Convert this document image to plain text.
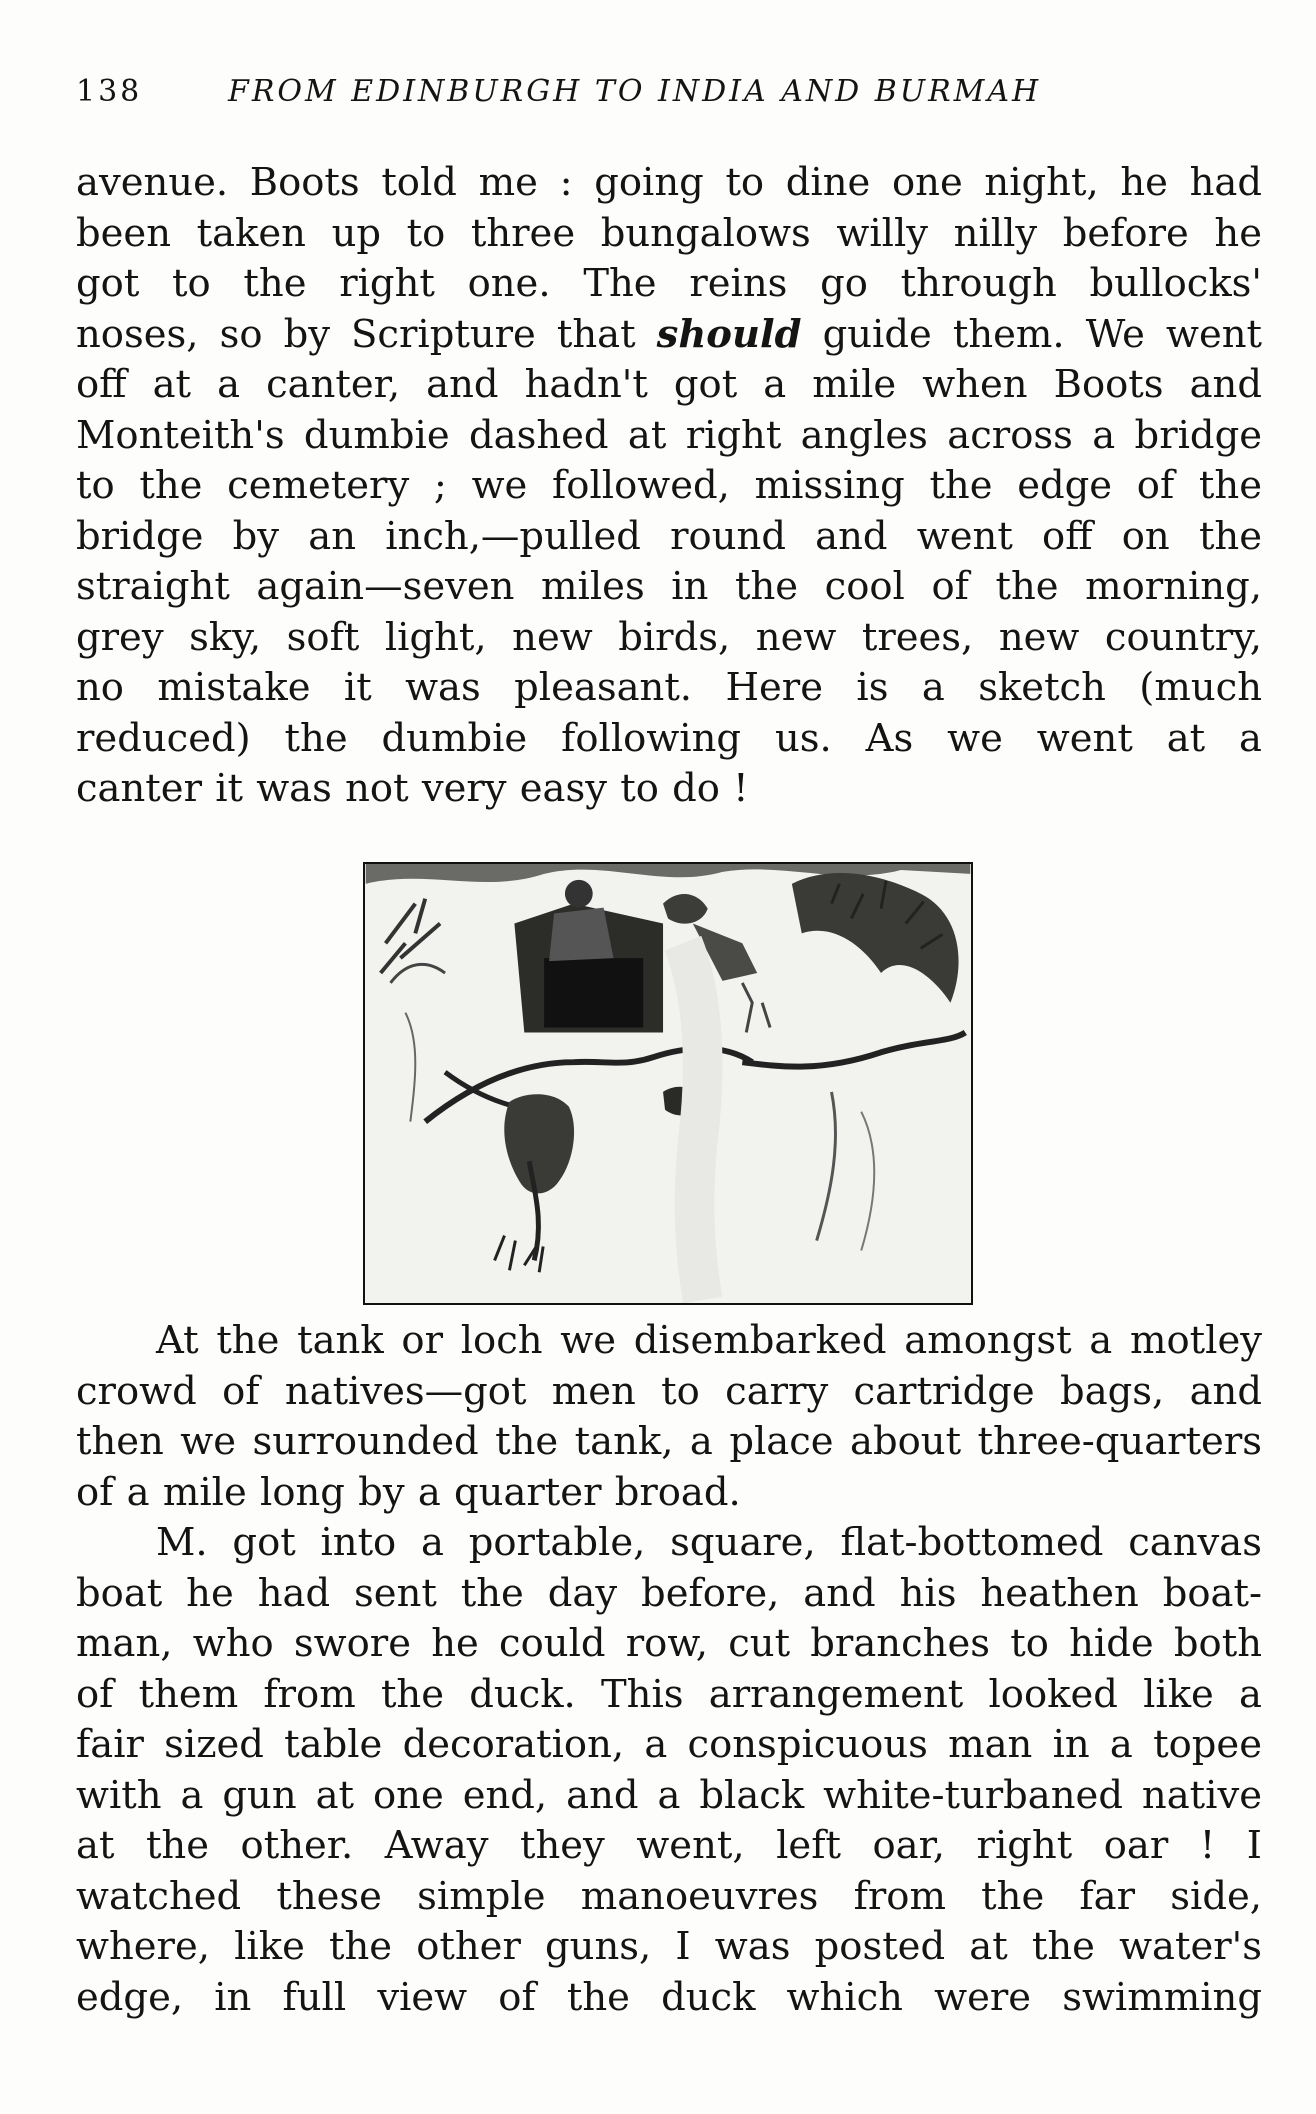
138	FROM EDINBURGH TO INDIA AND BURMAH

avenue. Boots told me : going to dine one night, he had
been taken up to three bungalows willy nilly before he
got to the right one. The reins go through bullocks'
noses, so by Scripture that should guide them. We went
off at a canter, and hadn't got a mile when Boots and
Monteith's dumbie dashed at right angles across a bridge
to the cemetery ; we followed, missing the edge of the
bridge by an inch,—pulled round and went off on the
straight again—seven miles in the cool of the morning,
grey sky, soft light, new birds, new trees, new country,
no mistake it was pleasant. Here is a sketch (much
reduced) the dumbie following us. As we went at a
canter it was not very easy to do !

At the tank or loch we disembarked amongst a motley
crowd of natives—got men to carry cartridge bags, and
then we surrounded the tank, a place about three-quarters
of a mile long by a quarter broad.

M. got into a portable, square, flat-bottomed canvas
boat he had sent the day before, and his heathen boat-
man, who swore he could row, cut branches to hide both
of them from the duck. This arrangement looked like a
fair sized table decoration, a conspicuous man in a topee
with a gun at one end, and a black white-turbaned native
at the other. Away they went, left oar, right oar ! I
watched these simple manoeuvres from the far side,
where, like the other guns, I was posted at the water's
edge, in full view of the duck which were swimming
